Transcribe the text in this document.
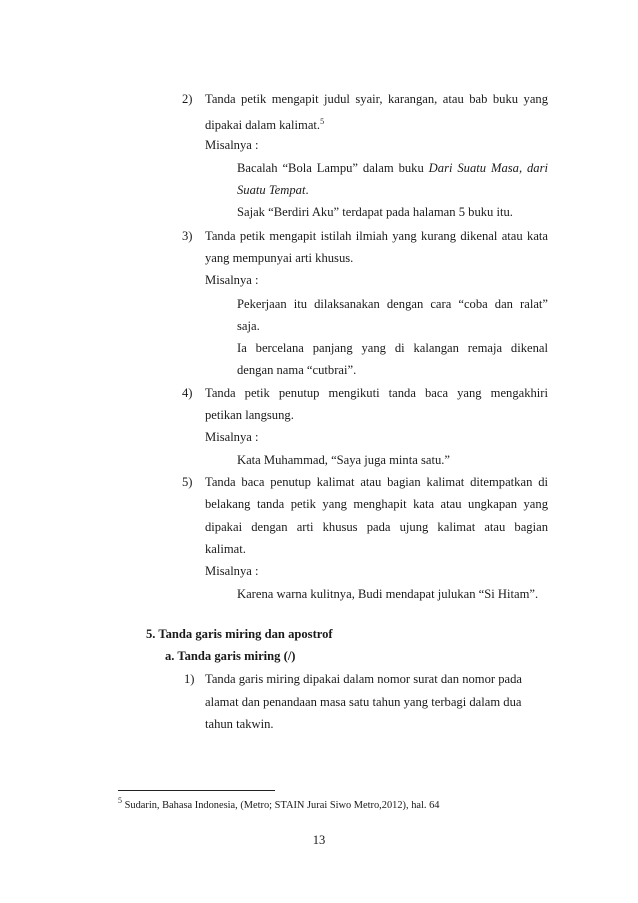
2) Tanda petik mengapit judul syair, karangan, atau bab buku yang
dipakai dalam kalimat.$^5$
Misalnya :
Bacalah “Bola Lampu” dalam buku Dari Suatu Masa, dari
Suatu Tempat.
Sajak “Berdiri Aku” terdapat pada halaman 5 buku itu.
3) Tanda petik mengapit istilah ilmiah yang kurang dikenal atau kata
yang mempunyai arti khusus.
Misalnya :
Pekerjaan itu dilaksanakan dengan cara “coba dan ralat”
saja.
Ia bercelana panjang yang di kalangan remaja dikenal
dengan nama “cutbrai”.
4) Tanda petik penutup mengikuti tanda baca yang mengakhiri
petikan langsung.
Misalnya :
Kata Muhammad, “Saya juga minta satu.”
5) Tanda baca penutup kalimat atau bagian kalimat ditempatkan di
belakang tanda petik yang menghapit kata atau ungkapan yang
dipakai dengan arti khusus pada ujung kalimat atau bagian
kalimat.
Misalnya :
Karena warna kulitnya, Budi mendapat julukan “Si Hitam”.
5. Tanda garis miring dan apostrof
a. Tanda garis miring (/)
1) Tanda garis miring dipakai dalam nomor surat dan nomor pada
alamat dan penandaan masa satu tahun yang terbagi dalam dua
tahun takwin.
$^5$ Sudarin, Bahasa Indonesia, (Metro; STAIN Jurai Siwo Metro,2012), hal. 64
13
